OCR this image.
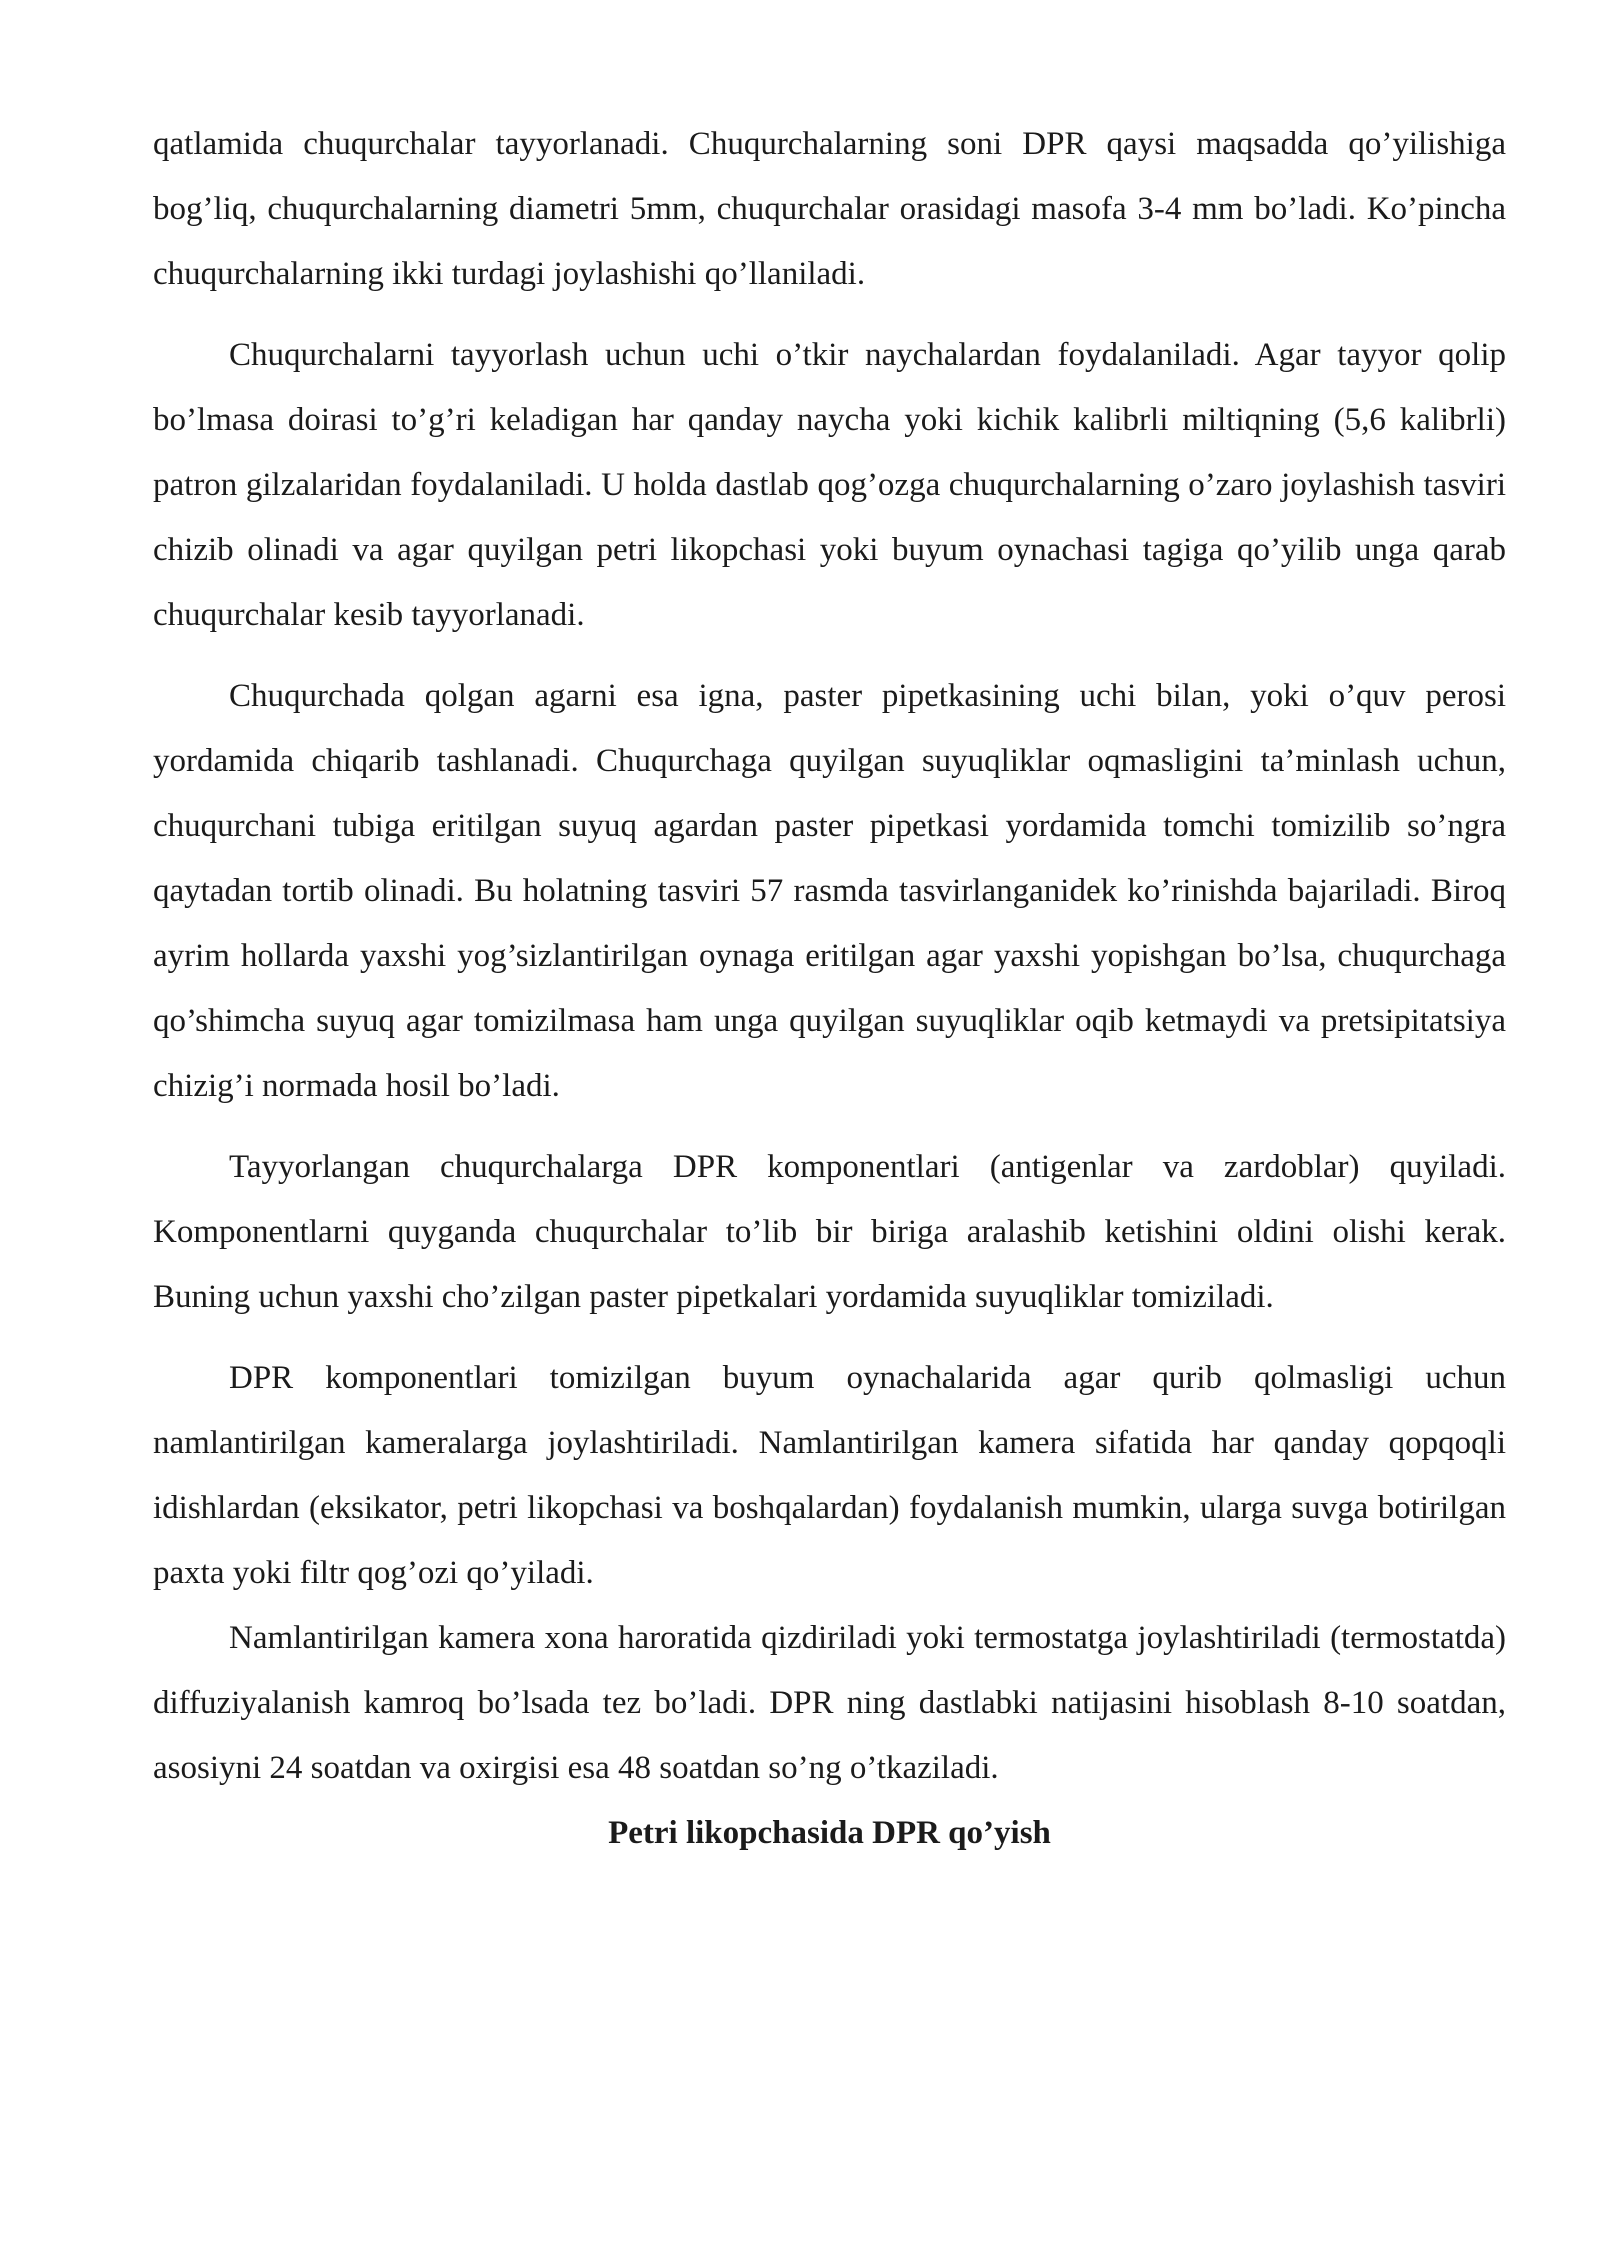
qatlamida chuqurchalar tayyorlanadi. Chuqurchalarning soni DPR qaysi maqsadda qo’yilishiga bog’liq, chuqurchalarning diametri 5mm, chuqurchalar orasidagi masofa 3-4 mm bo’ladi. Ko’pincha chuqurchalarning ikki turdagi joylashishi qo’llaniladi.

Chuqurchalarni tayyorlash uchun uchi o’tkir naychalardan foydalaniladi. Agar tayyor qolip bo’lmasa doirasi to’g’ri keladigan har qanday naycha yoki kichik kalibrli miltiqning (5,6 kalibrli) patron gilzalaridan foydalaniladi. U holda dastlab qog’ozga chuqurchalarning o’zaro joylashish tasviri chizib olinadi va agar quyilgan petri likopchasi yoki buyum oynachasi tagiga qo’yilib unga qarab chuqurchalar kesib tayyorlanadi.

Chuqurchada qolgan agarni esa igna, paster pipetkasining uchi bilan, yoki o’quv perosi yordamida chiqarib tashlanadi. Chuqurchaga quyilgan suyuqliklar oqmasligini ta’minlash uchun, chuqurchani tubiga eritilgan suyuq agardan paster pipetkasi yordamida tomchi tomizilib so’ngra qaytadan tortib olinadi. Bu holatning tasviri 57 rasmda tasvirlanganidek ko’rinishda bajariladi. Biroq ayrim hollarda yaxshi yog’sizlantirilgan oynaga eritilgan agar yaxshi yopishgan bo’lsa, chuqurchaga qo’shimcha suyuq agar tomizilmasa ham unga quyilgan suyuqliklar oqib ketmaydi va pretsipitatsiya chizig’i normada hosil bo’ladi.

Tayyorlangan chuqurchalarga DPR komponentlari (antigenlar va zardoblar) quyiladi. Komponentlarni quyganda chuqurchalar to’lib bir biriga aralashib ketishini oldini olishi kerak. Buning uchun yaxshi cho’zilgan paster pipetkalari yordamida suyuqliklar tomiziladi.

DPR komponentlari tomizilgan buyum oynachalarida agar qurib qolmasligi uchun namlantirilgan kameralarga joylashtiriladi. Namlantirilgan kamera sifatida har qanday qopqoqli idishlardan (eksikator, petri likopchasi va boshqalardan) foydalanish mumkin, ularga suvga botirilgan paxta yoki filtr qog’ozi qo’yiladi.

Namlantirilgan kamera xona haroratida qizdiriladi yoki termostatga joylashtiriladi (termostatda) diffuziyalanish kamroq bo’lsada tez bo’ladi. DPR ning dastlabki natijasini hisoblash 8-10 soatdan, asosiyni 24 soatdan va oxirgisi esa 48 soatdan so’ng o’tkaziladi.

Petri likopchasida DPR qo’yish
